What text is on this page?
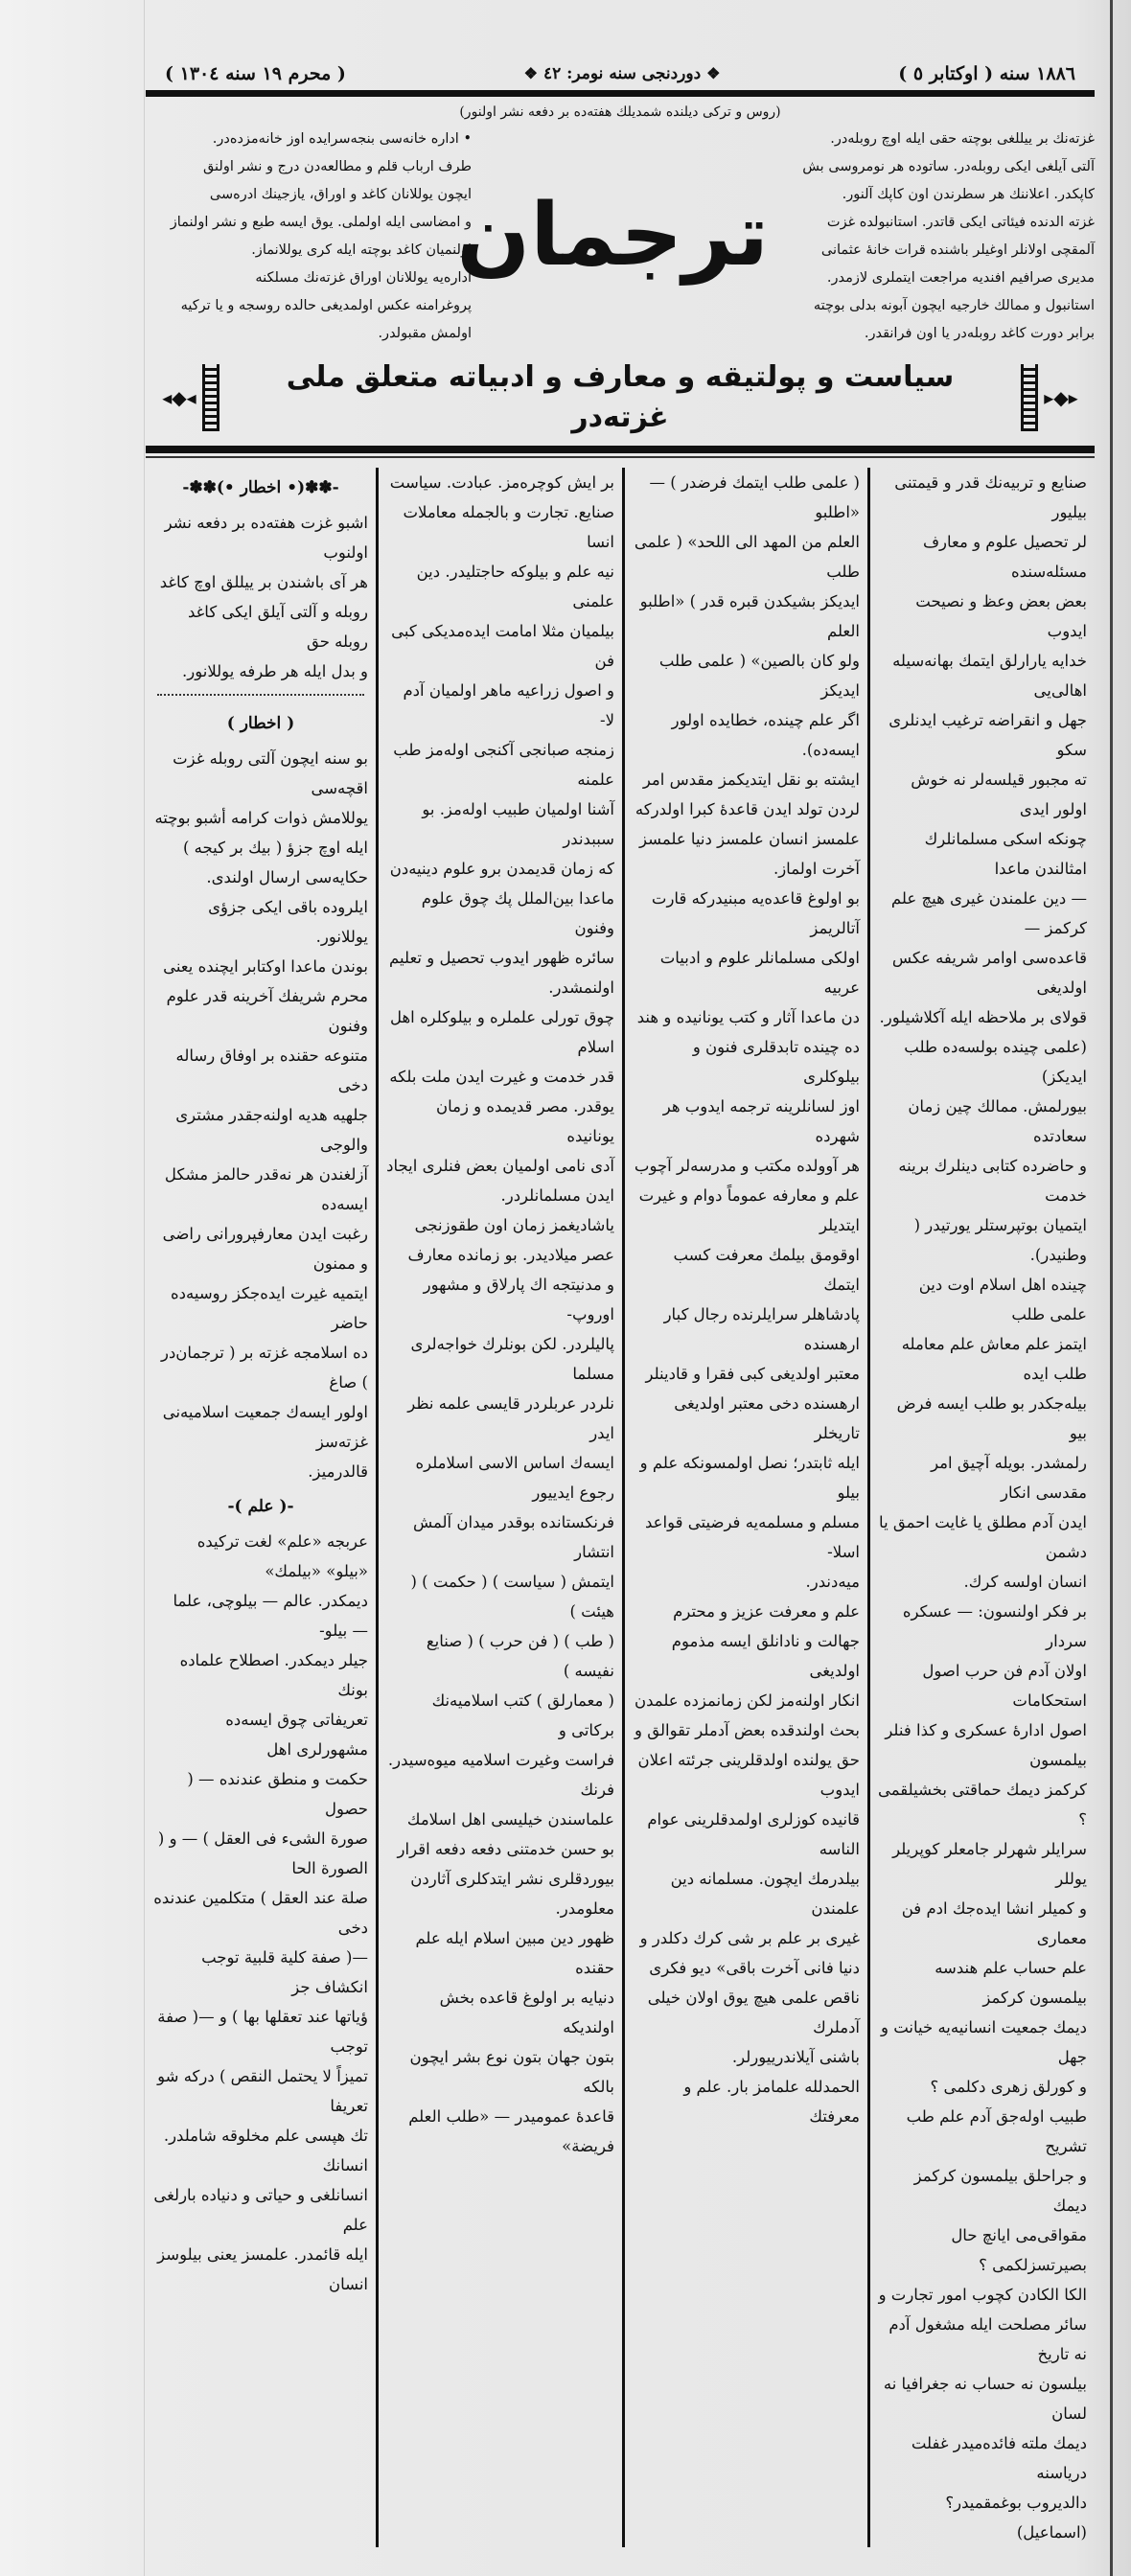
١٨٨٦ سنه ( اوکتابر ٥ )
❖دوردنجی سنه نومر: ٤٢❖
( محرم ١٩ سنه ١٣٠٤ )
(روس و ترکی دیلنده شمدیلك هفته‌ده بر دفعه نشر اولنور)
غزته‌نك بر ییللغی بوچته حقی ایله اوچ روبله‌در.
آلتی آیلغی ایکی روبله‌در. ساتوده هر نومروسی بش
کاپکدر. اعلاننك هر سطرندن اون کاپك آلنور.
غزته الدنده فیئاتی ایکی قاتدر. استانبولده غزت
آلمقچی اولانلر اوغیلر باشنده قرات خانهٔ عثمانی
مدیری صرافیم افندیه مراجعت ایتملری لازمدر.
استانبول و ممالك خارجیه ایچون آبونه بدلی بوچته
برابر دورت کاغد روبله‌در یا اون فرانقدر.
ترجمان
• اداره خانه‌سی بنجه‌سرایده اوز خانه‌مزده‌در.
طرف ارباب قلم و مطالعه‌دن درج و نشر اولنق
ایچون یوللانان کاغد و اوراق، یازجینك ادره‌سی
و امضاسی ایله اولملی. یوق ایسه طبع و نشر اولنماز
اولنمیان کاغد بوچته ایله کری یوللانماز.
اداره‌یه یوللانان اوراق غزته‌نك مسلکنه
پروغرامنه عکس اولمدیغی حالده روسجه و یا ترکیه
اولمش مقبولدر.
◂◆◂
سیاست و پولتیقه و معارف و ادبیاته متعلق ملی غزته‌در
▸◆▸
-✽✽(• اخطار •)✽✽-
اشبو غزت هفته‌ده بر دفعه نشر اولنوب
هر آی باشندن بر ییللق اوچ کاغد
روبله و آلتی آیلق ایکی کاغد روبله حق
و بدل ایله هر طرفه یوللانور.
( اخطار )
بو سنه ایچون آلتی روبله غزت اقچه‌سی
یوللامش ذوات کرامه أشبو بوچته
ایله اوچ جزؤ ( بیك بر كیجه )
حکایه‌سی ارسال اولندی.
ایلروده باقی ایکی جزؤی یوللانور.
بوندن ماعدا اوکتابر ایچنده یعنی
محرم شریفك آخرینه قدر علوم وفنون
متنوعه حقنده بر اوفاق رساله دخی
جلهیه هدیه اولنه‌جقدر مشتری والوجی
آزلغندن هر نه‌قدر حالمز مشکل ایسه‌ده
رغبت ایدن معارفپرورانی راضی و ممنون
ایتمیه غیرت ایده‌جکز روسیه‌ده حاضر
ده اسلامجه غزته بر ( ترجمان‌در ) صاغ
اولور ایسه‌ك جمعیت اسلامیه‌نی غزته‌سز
قالدرمیز.
-( علم )-
عربجه «علم» لغت ترکیده «بیلو» «بیلمك»
دیمکدر. عالم — بیلوچی، علما — بیلو-
جیلر دیمکدر. اصطلاح علماده بونك
تعریفاتی چوق ایسه‌ده مشهورلری اهل
حکمت و منطق عندنده — ( حصول
صورة الشیء فی العقل ) — و ( الصورة الحا
صلة عند العقل ) متکلمین عندنده دخی
—( صفة کلیة قلبیة توجب انکشاف جز
ؤیاتها عند تعقلها بها ) و —( صفة توجب
تمیزاً لا یحتمل النقص ) درکه شو تعریفا
تك هپسی علم مخلوقه شاملدر. انسانك
انسانلغی و حیاتی و دنیاده بارلغی علم
ایله قائمدر. علمسز یعنی بیلوسز انسان
بر ایش کوچره‌مز. عبادت. سیاست
صنایع. تجارت و بالجمله معاملات انسا
نیه علم و بیلوکه حاجتلیدر. دین علمنی
بیلمیان مثلا امامت ایده‌مدیکی کبی فن
و اصول زراعیه ماهر اولمیان آدم لا-
زمنجه صبانجی آکنجی اوله‌مز طب علمنه
آشنا اولمیان طبیب اوله‌مز. بو سببدندر
که زمان قدیمدن برو علوم دینیه‌دن
ماعدا بین‌الملل پك چوق علوم وفنون
سائره ظهور ایدوب تحصیل و تعلیم
اولنمشدر.
چوق تورلی علملره و بیلوکلره اهل اسلام
قدر خدمت و غیرت ایدن ملت بلکه
یوقدر. مصر قدیمده و زمان یونانیده
آدی نامی اولمیان بعض فنلری ایجاد
ایدن مسلمانلردر.
یاشادیغمز زمان اون طقوزنجی
عصر میلادیدر. بو زمانده معارف
و مدنیتجه اك پارلاق و مشهور اوروپ-
پالیلردر. لکن بونلرك خواجه‌لری مسلما
نلردر عربلردر قایسی علمه نظر ایدر
ایسه‌ك اساس الاسی اسلاملره رجوع ایدییور
فرنکستانده بوقدر میدان آلمش انتشار
ایتمش ( سیاست ) ( حکمت ) ( هیئت )
( طب ) ( فن حرب ) ( صنایع نفیسه )
( معمارلق ) کتب اسلامیه‌نك برکاتی و
فراست وغیرت اسلامیه میوه‌سیدر. فرنك
علماسندن خیلیسی اهل اسلامك
بو حسن خدمتنی دفعه دفعه اقرار
بیوردقلری نشر ایتدکلری آثاردن
معلومدر.
ظهور دین مبین اسلام ایله علم حقنده
دنیایه بر اولوغ قاعده بخش اولندیکه
بتون جهان بتون نوع بشر ایچون بالکه
قاعدهٔ عمومیدر — «طلب العلم فریضة»
( علمی طلب ایتمك فرضدر ) — «اطلبو
العلم من المهد الی اللحد» ( علمی طلب
ایدیکز بشیکدن قبره قدر ) «اطلبو العلم
ولو کان بالصین» ( علمی طلب ایدیکز
اگر علم چینده، خطایده اولور ایسه‌ده).
ایشته بو نقل ایتدیکمز مقدس امر
لردن تولد ایدن قاعدهٔ کبرا اولدرکه
علمسز انسان علمسز دنیا علمسز
آخرت اولماز.
بو اولوغ قاعده‌یه مبنیدرکه قارت آتالریمز
اولکی مسلمانلر علوم و ادبیات عربیه
دن ماعدا آثار و کتب یونانیده و هند
ده چینده تابدقلری فنون و بیلوکلری
اوز لسانلرینه ترجمه ایدوب هر شهرده
هر آوولده مکتب و مدرسه‌لر آچوب
علم و معارفه عموماً دوام و غیرت ایتدیلر
اوقومق بیلمك معرفت کسب ایتمك
پادشاهلر سرایلرنده رجال کبار ارهسنده
معتبر اولدیغی کبی فقرا و قادینلر
ارهسنده دخی معتبر اولدیغی تاریخلر
ایله ثابتدر؛ نصل اولمسونکه علم و بیلو
مسلم و مسلمه‌یه فرضیتی قواعد اسلا-
میه‌دندر.
علم و معرفت عزیز و محترم
جهالت و نادانلق ایسه مذموم اولدیغی
انکار اولنه‌مز لکن زمانمزده علمدن
بحث اولندقده بعض آدملر تقوالق و
حق یولنده اولدقلرینی جرئته اعلان ایدوب
قانیده کوزلری اولمدقلرینی عوام الناسه
بیلدرمك ایچون. مسلمانه دین علمندن
غیری بر علم بر شی کرك دکلدر و
دنیا فانی آخرت باقی» دیو فکری
ناقص علمی هیچ یوق اولان خیلی آدملرك
باشنی آیلاندرییورلر.
الحمدلله علمامز بار. علم و معرفتك
صنایع و تربیه‌نك قدر و قیمتنی بیلیور
لر تحصیل علوم و معارف مسئله‌سنده
بعض بعض وعظ و نصیحت ایدوب
خدایه یارارلق ایتمك بهانه‌سیله اهالی‌یی
جهل و انقراضه ترغیب ایدنلری سکو
ته مجبور قیلسه‌لر نه خوش اولور ایدی
چونکه اسکی مسلمانلرك امثالندن ماعدا
— دین علمندن غیری هیچ علم کرکمز —
قاعده‌سی اوامر شریفه عکس اولدیغی
قولای بر ملاحظه ایله آکلاشیلور.
(علمی چینده بولسه‌ده طلب ایدیکز)
بیورلمش. ممالك چین زمان سعادتده
و حاضرده کتابی دینلرك برینه خدمت
ایتمیان بوتپرستلر یورتیدر ( وطنیدر).
چینده اهل اسلام اوت دین علمی طلب
ایتمز علم معاش علم معامله طلب ایده
بیله‌جکدر بو طلب ایسه فرض بیو
رلمشدر. بویله آچیق امر مقدسی انکار
ایدن آدم مطلق یا غایت احمق یا دشمن
انسان اولسه کرك.
بر فکر اولنسون: — عسکره سردار
اولان آدم فن حرب اصول استحکامات
اصول ادارهٔ عسکری و کذا فنلر بیلمسون
کرکمز دیمك حماقتی بخشیلقمی ؟
سرایلر شهرلر جامعلر کوپریلر یوللر
و کمیلر انشا ایده‌جك ادم فن معماری
علم حساب علم هندسه بیلمسون کرکمز
دیمك جمعیت انسانیه‌یه خیانت و جهل
و کورلق زهری دکلمی ؟
طبیب اوله‌جق آدم علم طب تشریح
و جراحلق بیلمسون کرکمز دیمك
مقواقی‌می ایانچ حال بصیرتسزلکمی ؟
الکا الکادن کچوب امور تجارت و
سائر مصلحت ایله مشغول آدم نه تاریخ
بیلسون نه حساب نه جغرافیا نه لسان
دیمك ملته فائده‌میدر غفلت دریاسنه
دالدیروب بوغمقمیدر؟ (اسماعیل)
